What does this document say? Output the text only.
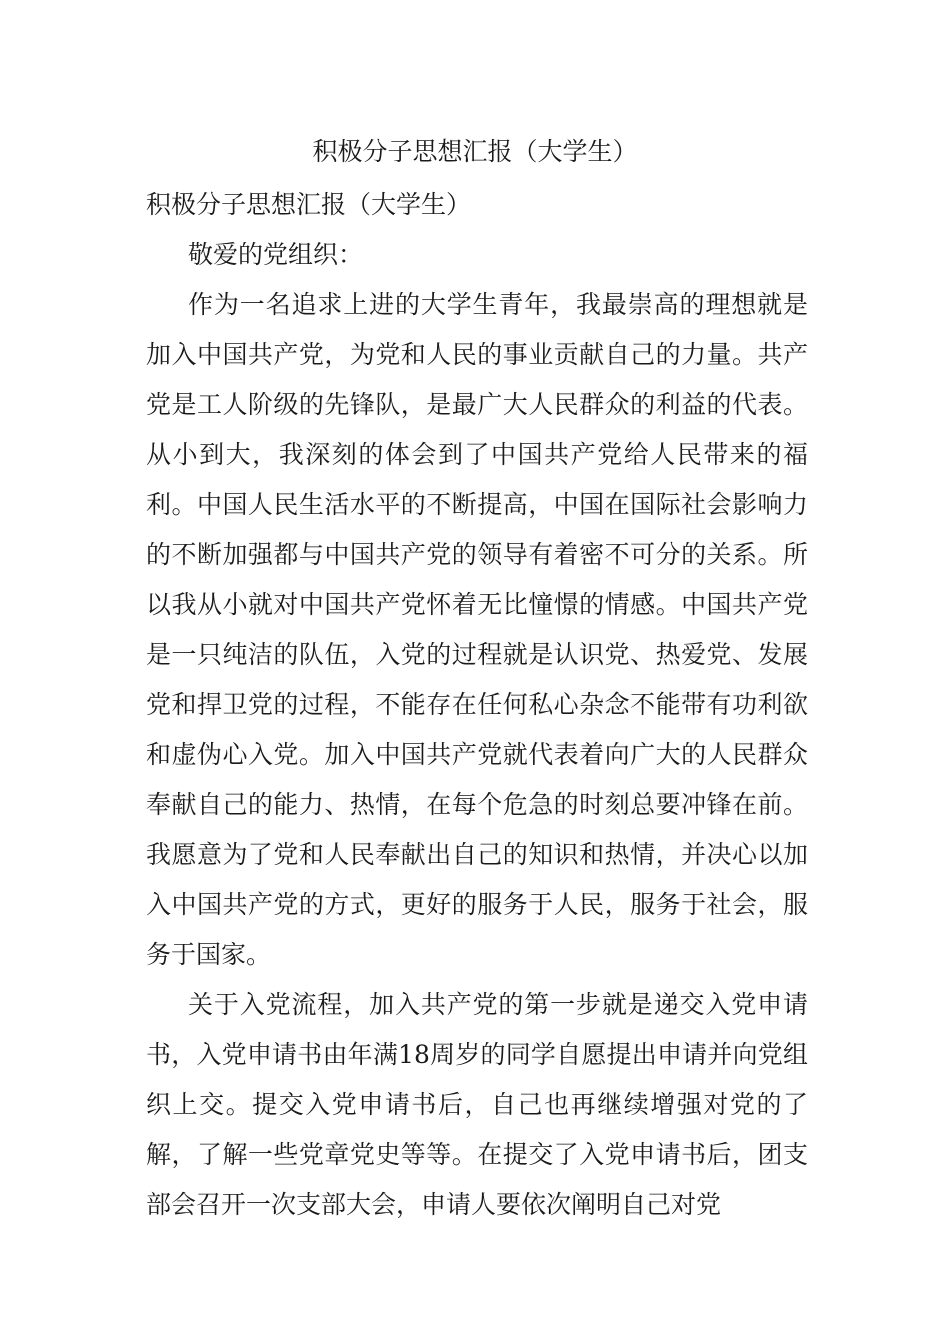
积极分子思想汇报（大学生）

积极分子思想汇报（大学生）

敬爱的党组织：

作为一名追求上进的大学生青年，我最崇高的理想就是加入中国共产党，为党和人民的事业贡献自己的力量。共产党是工人阶级的先锋队，是最广大人民群众的利益的代表。从小到大，我深刻的体会到了中国共产党给人民带来的福利。中国人民生活水平的不断提高，中国在国际社会影响力的不断加强都与中国共产党的领导有着密不可分的关系。所以我从小就对中国共产党怀着无比憧憬的情感。中国共产党是一只纯洁的队伍，入党的过程就是认识党、热爱党、发展党和捍卫党的过程，不能存在任何私心杂念不能带有功利欲和虚伪心入党。加入中国共产党就代表着向广大的人民群众奉献自己的能力、热情，在每个危急的时刻总要冲锋在前。我愿意为了党和人民奉献出自己的知识和热情，并决心以加入中国共产党的方式，更好的服务于人民，服务于社会，服务于国家。

关于入党流程，加入共产党的第一步就是递交入党申请书，入党申请书由年满18周岁的同学自愿提出申请并向党组织上交。提交入党申请书后，自己也再继续增强对党的了解，了解一些党章党史等等。在提交了入党申请书后，团支部会召开一次支部大会，申请人要依次阐明自己对党
